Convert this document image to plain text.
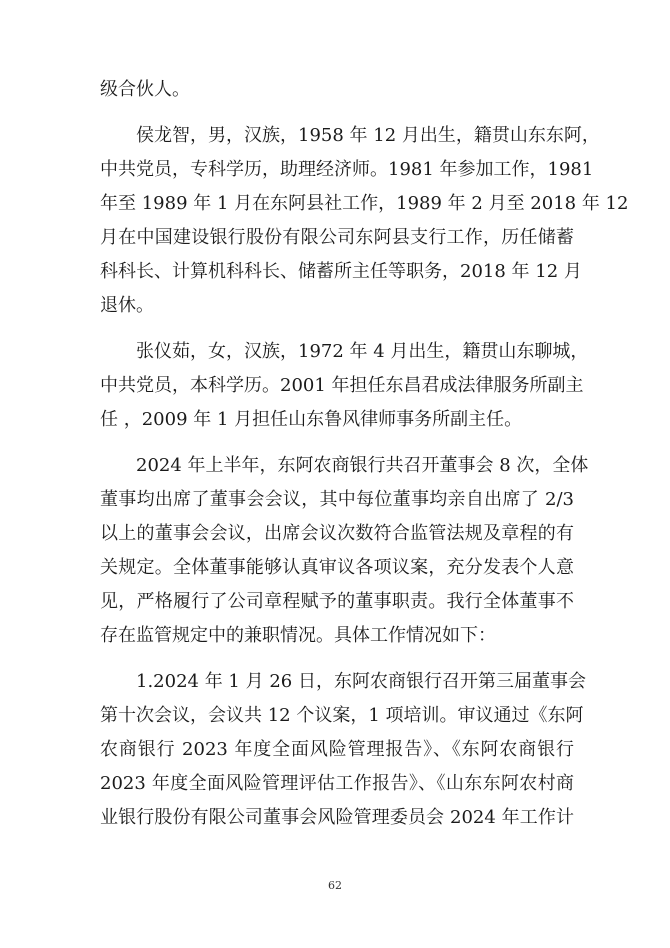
级合伙人。

侯龙智，男，汉族，1958 年 12 月出生，籍贯山东东阿，

中共党员，专科学历，助理经济师。1981 年参加工作，1981

年至 1989 年 1 月在东阿县社工作，1989 年 2 月至 2018 年 12

月在中国建设银行股份有限公司东阿县支行工作，历任储蓄

科科长、计算机科科长、储蓄所主任等职务，2018 年 12 月

退休。

张仪茹，女，汉族，1972 年 4 月出生，籍贯山东聊城，

中共党员，本科学历。2001 年担任东昌君成法律服务所副主

任 ，2009 年 1 月担任山东鲁风律师事务所副主任。

2024 年上半年，东阿农商银行共召开董事会 8 次，全体

董事均出席了董事会会议，其中每位董事均亲自出席了 2/3

以上的董事会会议，出席会议次数符合监管法规及章程的有

关规定。全体董事能够认真审议各项议案，充分发表个人意

见，严格履行了公司章程赋予的董事职责。我行全体董事不

存在监管规定中的兼职情况。具体工作情况如下：

1.2024 年 1 月 26 日，东阿农商银行召开第三届董事会

第十次会议，会议共 12 个议案，1 项培训。审议通过《东阿

农商银行 2023 年度全面风险管理报告》、《东阿农商银行

2023 年度全面风险管理评估工作报告》、《山东东阿农村商

业银行股份有限公司董事会风险管理委员会 2024 年工作计

62
